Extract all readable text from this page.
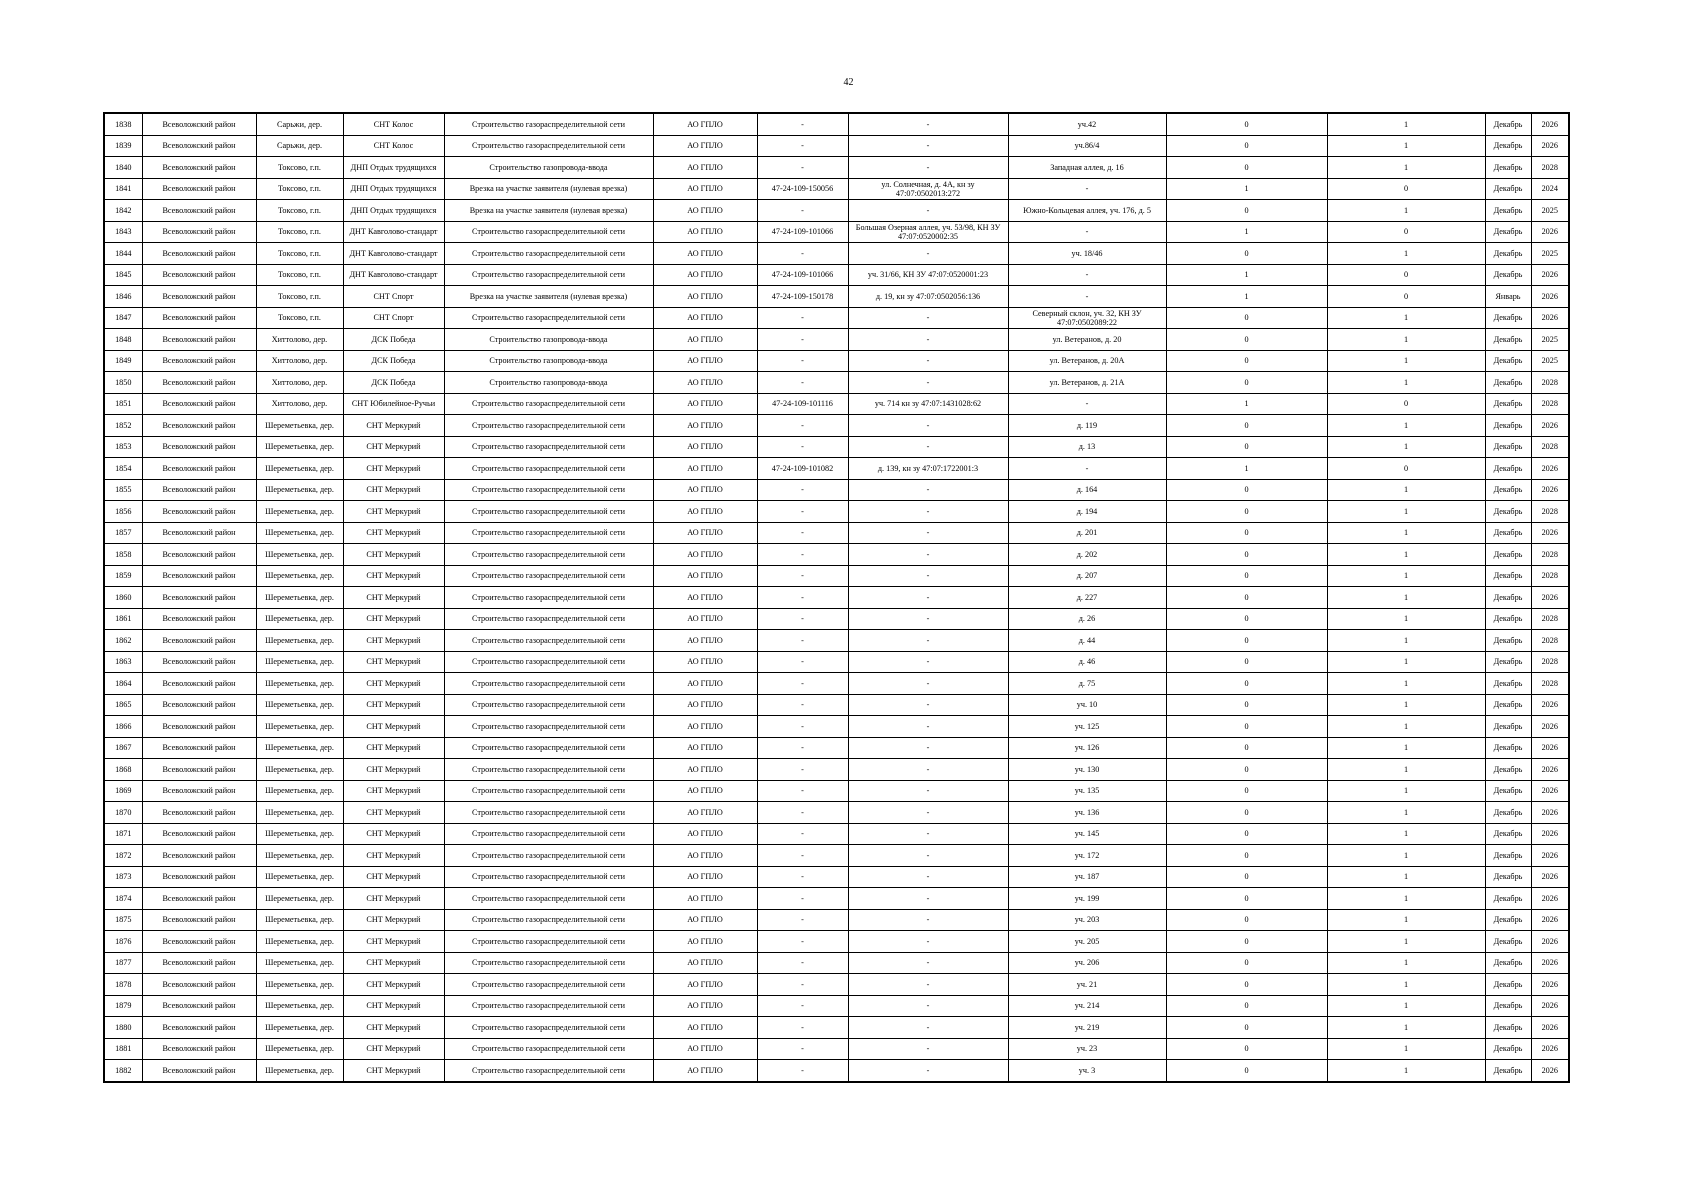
42
1838	Всеволожский район	Сарьжи, дер.	СНТ Колос	Строительство газораспределительной сети	АО ГПЛО	-	-	уч.42	0	1	Декабрь	2026
1839	Всеволожский район	Сарьжи, дер.	СНТ Колос	Строительство газораспределительной сети	АО ГПЛО	-	-	уч.86/4	0	1	Декабрь	2026
1840	Всеволожский район	Токсово, г.п.	ДНП Отдых трудящихся	Строительство газопровода-ввода	АО ГПЛО	-	-	Западная аллея, д. 16	0	1	Декабрь	2028
1841	Всеволожский район	Токсово, г.п.	ДНП Отдых трудящихся	Врезка на участке заявителя (нулевая врезка)	АО ГПЛО	47-24-109-150056	ул. Солнечная, д. 4А, кн зу 47:07:0502013:272	-	1	0	Декабрь	2024
1842	Всеволожский район	Токсово, г.п.	ДНП Отдых трудящихся	Врезка на участке заявителя (нулевая врезка)	АО ГПЛО	-	-	Южно-Кольцевая аллея, уч. 176, д. 5	0	1	Декабрь	2025
1843	Всеволожский район	Токсово, г.п.	ДНТ Кавголово-стандарт	Строительство газораспределительной сети	АО ГПЛО	47-24-109-101066	Большая Озерная аллея, уч. 53/98, КН ЗУ 47:07:0520002:35	-	1	0	Декабрь	2026
1844	Всеволожский район	Токсово, г.п.	ДНТ Кавголово-стандарт	Строительство газораспределительной сети	АО ГПЛО	-	-	уч. 18/46	0	1	Декабрь	2025
1845	Всеволожский район	Токсово, г.п.	ДНТ Кавголово-стандарт	Строительство газораспределительной сети	АО ГПЛО	47-24-109-101066	уч. 31/66, КН ЗУ 47:07:0520001:23	-	1	0	Декабрь	2026
1846	Всеволожский район	Токсово, г.п.	СНТ Спорт	Врезка на участке заявителя (нулевая врезка)	АО ГПЛО	47-24-109-150178	д. 19, кн зу 47:07:0502056:136	-	1	0	Январь	2026
1847	Всеволожский район	Токсово, г.п.	СНТ Спорт	Строительство газораспределительной сети	АО ГПЛО	-	-	Северный склон, уч. 32, КН ЗУ 47:07:0502089:22	0	1	Декабрь	2026
1848	Всеволожский район	Хиттолово, дер.	ДСК Победа	Строительство газопровода-ввода	АО ГПЛО	-	-	ул. Ветеранов, д. 20	0	1	Декабрь	2025
1849	Всеволожский район	Хиттолово, дер.	ДСК Победа	Строительство газопровода-ввода	АО ГПЛО	-	-	ул. Ветеранов, д. 20А	0	1	Декабрь	2025
1850	Всеволожский район	Хиттолово, дер.	ДСК Победа	Строительство газопровода-ввода	АО ГПЛО	-	-	ул. Ветеранов, д. 21А	0	1	Декабрь	2028
1851	Всеволожский район	Хиттолово, дер.	СНТ Юбилейное-Ручьи	Строительство газораспределительной сети	АО ГПЛО	47-24-109-101116	уч. 714 кн зу 47:07:1431028:62	-	1	0	Декабрь	2028
1852	Всеволожский район	Шереметьевка, дер.	СНТ Меркурий	Строительство газораспределительной сети	АО ГПЛО	-	-	д. 119	0	1	Декабрь	2026
1853	Всеволожский район	Шереметьевка, дер.	СНТ Меркурий	Строительство газораспределительной сети	АО ГПЛО	-	-	д. 13	0	1	Декабрь	2028
1854	Всеволожский район	Шереметьевка, дер.	СНТ Меркурий	Строительство газораспределительной сети	АО ГПЛО	47-24-109-101082	д. 139, кн зу 47:07:1722001:3	-	1	0	Декабрь	2026
1855	Всеволожский район	Шереметьевка, дер.	СНТ Меркурий	Строительство газораспределительной сети	АО ГПЛО	-	-	д. 164	0	1	Декабрь	2026
1856	Всеволожский район	Шереметьевка, дер.	СНТ Меркурий	Строительство газораспределительной сети	АО ГПЛО	-	-	д. 194	0	1	Декабрь	2028
1857	Всеволожский район	Шереметьевка, дер.	СНТ Меркурий	Строительство газораспределительной сети	АО ГПЛО	-	-	д. 201	0	1	Декабрь	2026
1858	Всеволожский район	Шереметьевка, дер.	СНТ Меркурий	Строительство газораспределительной сети	АО ГПЛО	-	-	д. 202	0	1	Декабрь	2028
1859	Всеволожский район	Шереметьевка, дер.	СНТ Меркурий	Строительство газораспределительной сети	АО ГПЛО	-	-	д. 207	0	1	Декабрь	2028
1860	Всеволожский район	Шереметьевка, дер.	СНТ Меркурий	Строительство газораспределительной сети	АО ГПЛО	-	-	д. 227	0	1	Декабрь	2026
1861	Всеволожский район	Шереметьевка, дер.	СНТ Меркурий	Строительство газораспределительной сети	АО ГПЛО	-	-	д. 26	0	1	Декабрь	2028
1862	Всеволожский район	Шереметьевка, дер.	СНТ Меркурий	Строительство газораспределительной сети	АО ГПЛО	-	-	д. 44	0	1	Декабрь	2028
1863	Всеволожский район	Шереметьевка, дер.	СНТ Меркурий	Строительство газораспределительной сети	АО ГПЛО	-	-	д. 46	0	1	Декабрь	2028
1864	Всеволожский район	Шереметьевка, дер.	СНТ Меркурий	Строительство газораспределительной сети	АО ГПЛО	-	-	д. 75	0	1	Декабрь	2028
1865	Всеволожский район	Шереметьевка, дер.	СНТ Меркурий	Строительство газораспределительной сети	АО ГПЛО	-	-	уч. 10	0	1	Декабрь	2026
1866	Всеволожский район	Шереметьевка, дер.	СНТ Меркурий	Строительство газораспределительной сети	АО ГПЛО	-	-	уч. 125	0	1	Декабрь	2026
1867	Всеволожский район	Шереметьевка, дер.	СНТ Меркурий	Строительство газораспределительной сети	АО ГПЛО	-	-	уч. 126	0	1	Декабрь	2026
1868	Всеволожский район	Шереметьевка, дер.	СНТ Меркурий	Строительство газораспределительной сети	АО ГПЛО	-	-	уч. 130	0	1	Декабрь	2026
1869	Всеволожский район	Шереметьевка, дер.	СНТ Меркурий	Строительство газораспределительной сети	АО ГПЛО	-	-	уч. 135	0	1	Декабрь	2026
1870	Всеволожский район	Шереметьевка, дер.	СНТ Меркурий	Строительство газораспределительной сети	АО ГПЛО	-	-	уч. 136	0	1	Декабрь	2026
1871	Всеволожский район	Шереметьевка, дер.	СНТ Меркурий	Строительство газораспределительной сети	АО ГПЛО	-	-	уч. 145	0	1	Декабрь	2026
1872	Всеволожский район	Шереметьевка, дер.	СНТ Меркурий	Строительство газораспределительной сети	АО ГПЛО	-	-	уч. 172	0	1	Декабрь	2026
1873	Всеволожский район	Шереметьевка, дер.	СНТ Меркурий	Строительство газораспределительной сети	АО ГПЛО	-	-	уч. 187	0	1	Декабрь	2026
1874	Всеволожский район	Шереметьевка, дер.	СНТ Меркурий	Строительство газораспределительной сети	АО ГПЛО	-	-	уч. 199	0	1	Декабрь	2026
1875	Всеволожский район	Шереметьевка, дер.	СНТ Меркурий	Строительство газораспределительной сети	АО ГПЛО	-	-	уч. 203	0	1	Декабрь	2026
1876	Всеволожский район	Шереметьевка, дер.	СНТ Меркурий	Строительство газораспределительной сети	АО ГПЛО	-	-	уч. 205	0	1	Декабрь	2026
1877	Всеволожский район	Шереметьевка, дер.	СНТ Меркурий	Строительство газораспределительной сети	АО ГПЛО	-	-	уч. 206	0	1	Декабрь	2026
1878	Всеволожский район	Шереметьевка, дер.	СНТ Меркурий	Строительство газораспределительной сети	АО ГПЛО	-	-	уч. 21	0	1	Декабрь	2026
1879	Всеволожский район	Шереметьевка, дер.	СНТ Меркурий	Строительство газораспределительной сети	АО ГПЛО	-	-	уч. 214	0	1	Декабрь	2026
1880	Всеволожский район	Шереметьевка, дер.	СНТ Меркурий	Строительство газораспределительной сети	АО ГПЛО	-	-	уч. 219	0	1	Декабрь	2026
1881	Всеволожский район	Шереметьевка, дер.	СНТ Меркурий	Строительство газораспределительной сети	АО ГПЛО	-	-	уч. 23	0	1	Декабрь	2026
1882	Всеволожский район	Шереметьевка, дер.	СНТ Меркурий	Строительство газораспределительной сети	АО ГПЛО	-	-	уч. 3	0	1	Декабрь	2026
